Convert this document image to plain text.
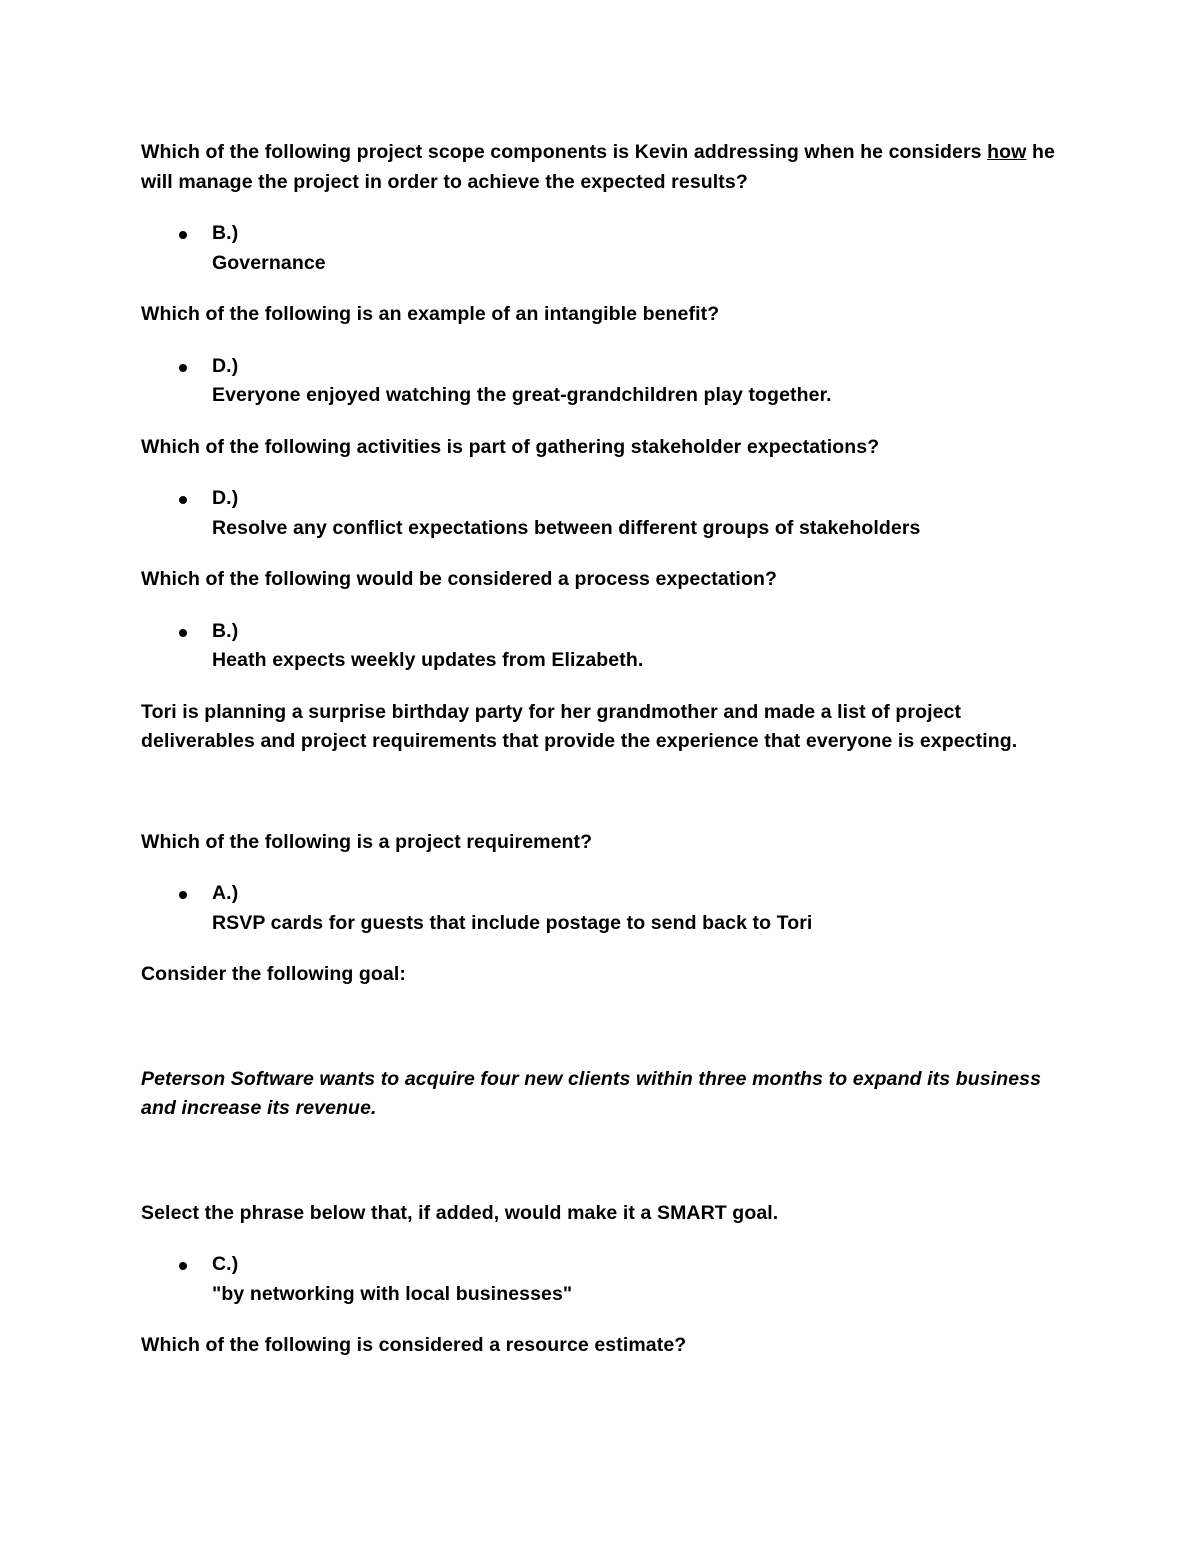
Which of the following project scope components is Kevin addressing when he considers how he will manage the project in order to achieve the expected results?

B.)
Governance

Which of the following is an example of an intangible benefit?

D.)
Everyone enjoyed watching the great-grandchildren play together.

Which of the following activities is part of gathering stakeholder expectations?

D.)
Resolve any conflict expectations between different groups of stakeholders

Which of the following would be considered a process expectation?

B.)
Heath expects weekly updates from Elizabeth.

Tori is planning a surprise birthday party for her grandmother and made a list of project deliverables and project requirements that provide the experience that everyone is expecting.

Which of the following is a project requirement?

A.)
RSVP cards for guests that include postage to send back to Tori

Consider the following goal:

Peterson Software wants to acquire four new clients within three months to expand its business and increase its revenue.

Select the phrase below that, if added, would make it a SMART goal.

C.)
"by networking with local businesses"

Which of the following is considered a resource estimate?
